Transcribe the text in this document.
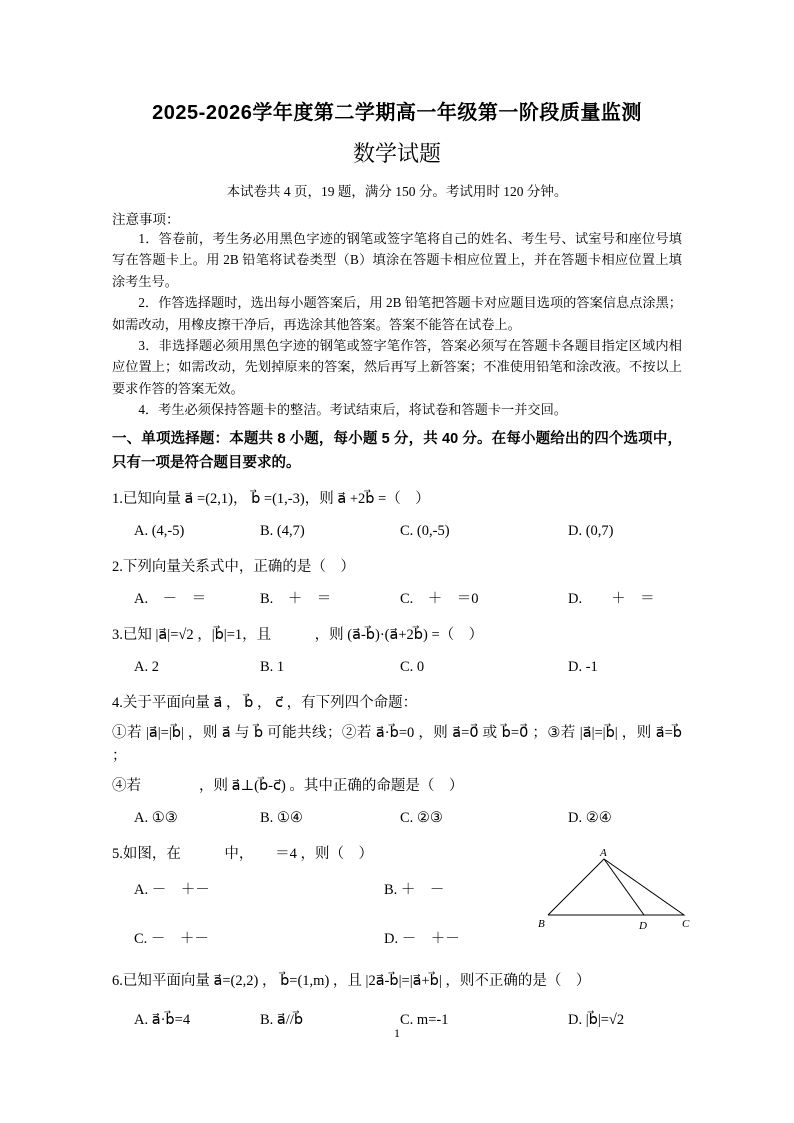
2025-2026学年度第二学期高一年级第一阶段质量监测
数学试题
本试卷共 4 页，19 题，满分 150 分。考试用时 120 分钟。
注意事项：

1．答卷前，考生务必用黑色字迹的钢笔或签字笔将自己的姓名、考生号、试室号和座位号填写在答题卡上。用 2B 铅笔将试卷类型（B）填涂在答题卡相应位置上，并在答题卡相应位置上填涂考生号。

2．作答选择题时，选出每小题答案后，用 2B 铅笔把答题卡对应题目选项的答案信息点涂黑；如需改动，用橡皮擦干净后，再选涂其他答案。答案不能答在试卷上。

3．非选择题必须用黑色字迹的钢笔或签字笔作答，答案必须写在答题卡各题目指定区域内相应位置上；如需改动，先划掉原来的答案，然后再写上新答案；不准使用铅笔和涂改液。不按以上要求作答的答案无效。

4．考生必须保持答题卡的整洁。考试结束后，将试卷和答题卡一并交回。

一、单项选择题：本题共 8 小题，每小题 5 分，共 40 分。在每小题给出的四个选项中，只有一项是符合题目要求的。
1.已知向量 a⃗ =(2,1)， b⃗ =(1,-3)，则 a⃗ +2b⃗ =（　）
A. (4,-5)	B. (4,7)	C. (0,-5)	D. (0,7)
2.下列向量关系式中，正确的是（　）
A.　－　＝	B.　＋　＝	C.　＋　＝0	D.　　＋　＝
3.已知 |a⃗|=√2 ，|b⃗|=1，且　　　，则 (a⃗-b⃗)·(a⃗+2b⃗) =（　）
A. 2	B. 1	C. 0	D. -1
4.关于平面向量 a⃗ ， b⃗ ， c⃗ ，有下列四个命题：
①若 |a⃗|=|b⃗| ，则 a⃗ 与 b⃗ 可能共线；②若 a⃗·b⃗=0 ，则 a⃗=0⃗ 或 b⃗=0⃗ ；③若 |a⃗|=|b⃗| ，则 a⃗=b⃗ ；
④若　　　　，则 a⃗⊥(b⃗-c⃗) 。其中正确的命题是（　）
A. ①③	B. ①④	C. ②③	D. ②④
5.如图，在　　　中，　　＝4 ，则（　）
A. －　＋－	B. ＋　－
C. －　＋－	D. －　＋－
A
B	C
D
6.已知平面向量 a⃗=(2,2) ， b⃗=(1,m) ，且 |2a⃗-b⃗|=|a⃗+b⃗| ，则不正确的是（　）
A. a⃗·b⃗=4	B. a⃗//b⃗	C. m=-1	D. |b⃗|=√2
1
